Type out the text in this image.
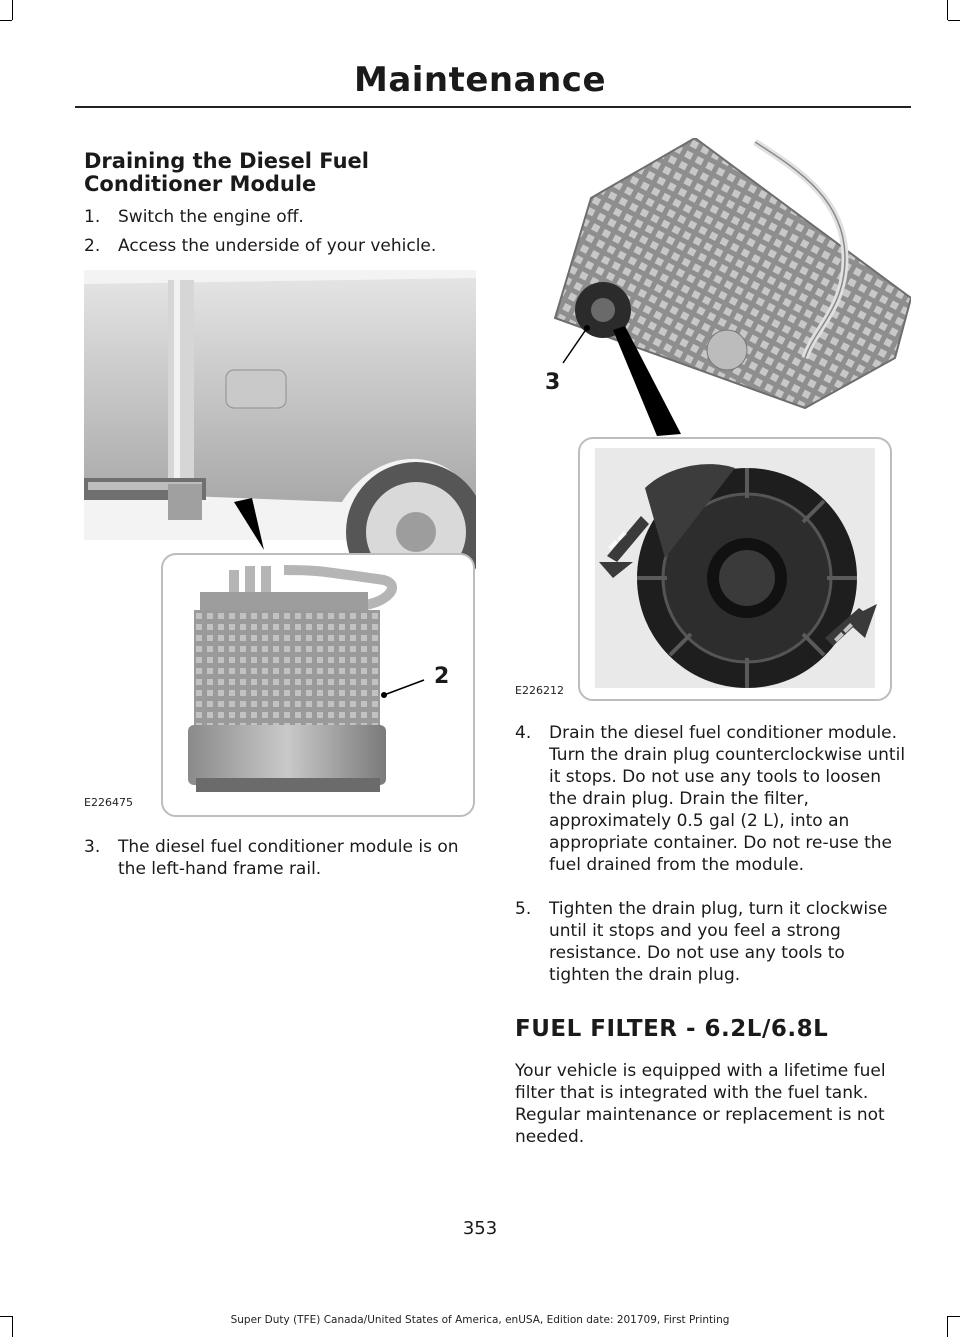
Maintenance
Draining the Diesel Fuel Conditioner Module
1.	Switch the engine off.
2.	Access the underside of your vehicle.
2
E226475
3.	The diesel fuel conditioner module is on the left-hand frame rail.
3
E226212
4.	Drain the diesel fuel conditioner module. Turn the drain plug counterclockwise until it stops. Do not use any tools to loosen the drain plug. Drain the filter, approximately 0.5 gal (2 L), into an appropriate container. Do not re-use the fuel drained from the module.
5.	Tighten the drain plug, turn it clockwise until it stops and you feel a strong resistance. Do not use any tools to tighten the drain plug.
FUEL FILTER - 6.2L/6.8L
Your vehicle is equipped with a lifetime fuel filter that is integrated with the fuel tank. Regular maintenance or replacement is not needed.
353
Super Duty (TFE) Canada/United States of America, enUSA, Edition date: 201709, First Printing
